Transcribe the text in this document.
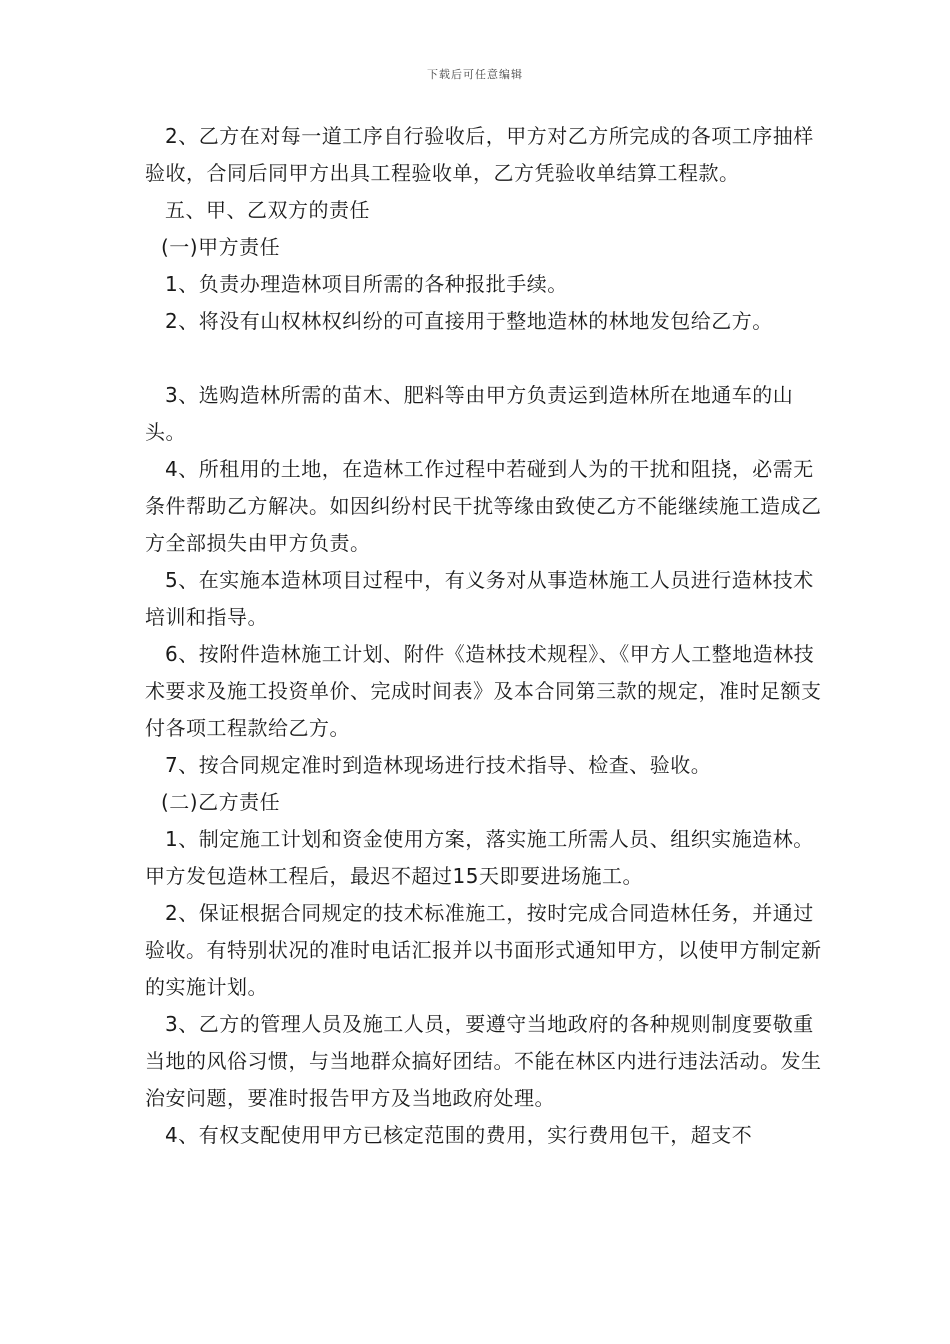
下载后可任意编辑

2、乙方在对每一道工序自行验收后，甲方对乙方所完成的各项工序抽样验收，合同后同甲方出具工程验收单，乙方凭验收单结算工程款。

五、甲、乙双方的责任

(一)甲方责任

1、负责办理造林项目所需的各种报批手续。

2、将没有山权林权纠纷的可直接用于整地造林的林地发包给乙方。

3、选购造林所需的苗木、肥料等由甲方负责运到造林所在地通车的山头。

4、所租用的土地，在造林工作过程中若碰到人为的干扰和阻挠，必需无条件帮助乙方解决。如因纠纷村民干扰等缘由致使乙方不能继续施工造成乙方全部损失由甲方负责。

5、在实施本造林项目过程中，有义务对从事造林施工人员进行造林技术培训和指导。

6、按附件造林施工计划、附件《造林技术规程》、《甲方人工整地造林技术要求及施工投资单价、完成时间表》及本合同第三款的规定，准时足额支付各项工程款给乙方。

7、按合同规定准时到造林现场进行技术指导、检查、验收。

(二)乙方责任

1、制定施工计划和资金使用方案，落实施工所需人员、组织实施造林。甲方发包造林工程后，最迟不超过15天即要进场施工。

2、保证根据合同规定的技术标准施工，按时完成合同造林任务，并通过验收。有特别状况的准时电话汇报并以书面形式通知甲方，以使甲方制定新的实施计划。

3、乙方的管理人员及施工人员，要遵守当地政府的各种规则制度要敬重当地的风俗习惯，与当地群众搞好团结。不能在林区内进行违法活动。发生治安问题，要准时报告甲方及当地政府处理。

4、有权支配使用甲方已核定范围的费用，实行费用包干，超支不
